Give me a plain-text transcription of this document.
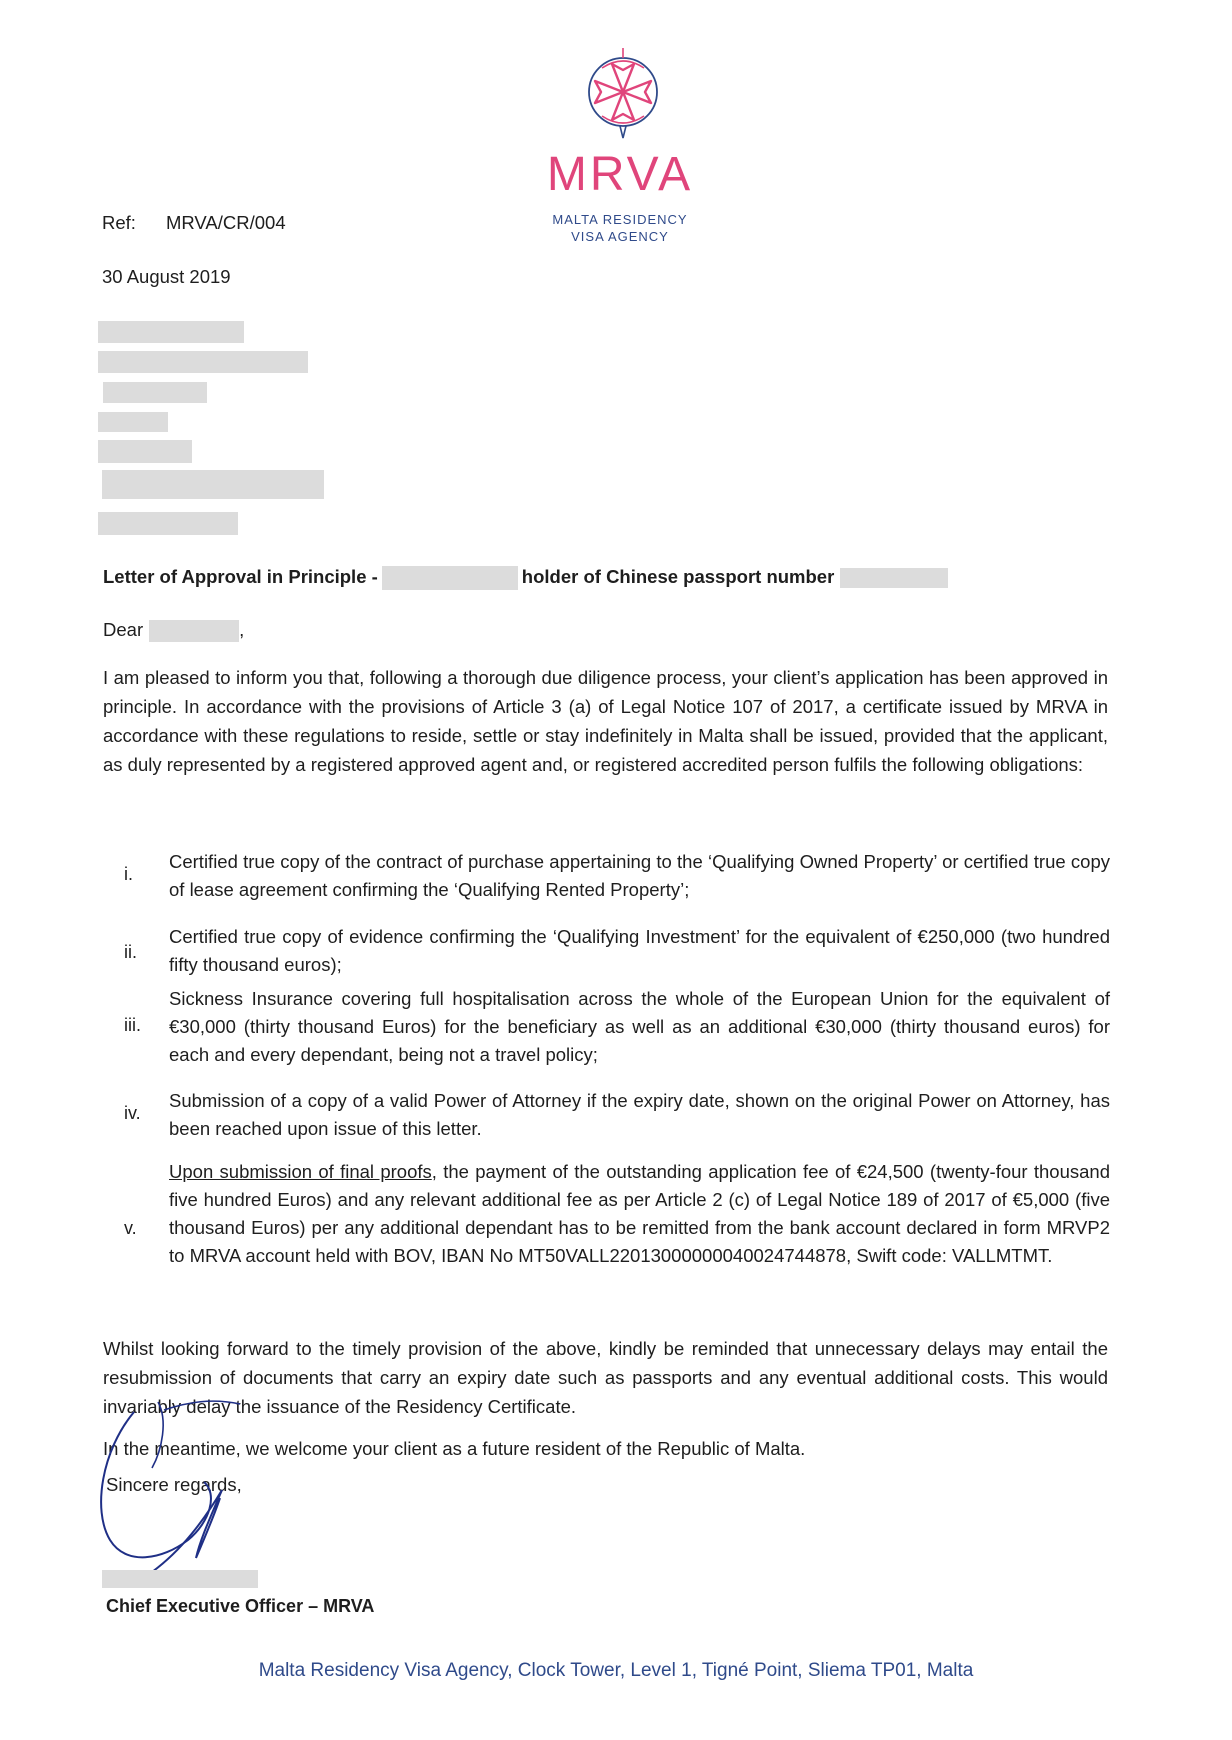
MRVA
MALTA RESIDENCY
VISA AGENCY
Ref: MRVA/CR/004
30 August 2019
Letter of Approval in Principle -	holder of Chinese passport number
Dear	,
I am pleased to inform you that, following a thorough due diligence process, your client’s application has been approved in principle. In accordance with the provisions of Article 3 (a) of Legal Notice 107 of 2017, a certificate issued by MRVA in accordance with these regulations to reside, settle or stay indefinitely in Malta shall be issued, provided that the applicant, as duly represented by a registered approved agent and, or registered accredited person fulfils the following obligations:
i.
Certified true copy of the contract of purchase appertaining to the ‘Qualifying Owned Property’ or certified true copy of lease agreement confirming the ‘Qualifying Rented Property’;
ii.
Certified true copy of evidence confirming the ‘Qualifying Investment’ for the equivalent of €250,000 (two hundred fifty thousand euros);
iii.
Sickness Insurance covering full hospitalisation across the whole of the European Union for the equivalent of €30,000 (thirty thousand Euros) for the beneficiary as well as an additional €30,000 (thirty thousand euros) for each and every dependant, being not a travel policy;
iv.
Submission of a copy of a valid Power of Attorney if the expiry date, shown on the original Power on Attorney, has been reached upon issue of this letter.
v.
Upon submission of final proofs, the payment of the outstanding application fee of €24,500 (twenty-four thousand five hundred Euros) and any relevant additional fee as per Article 2 (c) of Legal Notice 189 of 2017 of €5,000 (five thousand Euros) per any additional dependant has to be remitted from the bank account declared in form MRVP2 to MRVA account held with BOV, IBAN No MT50VALL22013000000040024744878, Swift code: VALLMTMT.
Whilst looking forward to the timely provision of the above, kindly be reminded that unnecessary delays may entail the resubmission of documents that carry an expiry date such as passports and any eventual additional costs. This would invariably delay the issuance of the Residency Certificate.
In the meantime, we welcome your client as a future resident of the Republic of Malta.
Sincere regards,
Chief Executive Officer – MRVA
Malta Residency Visa Agency, Clock Tower, Level 1, Tigné Point, Sliema TP01, Malta
